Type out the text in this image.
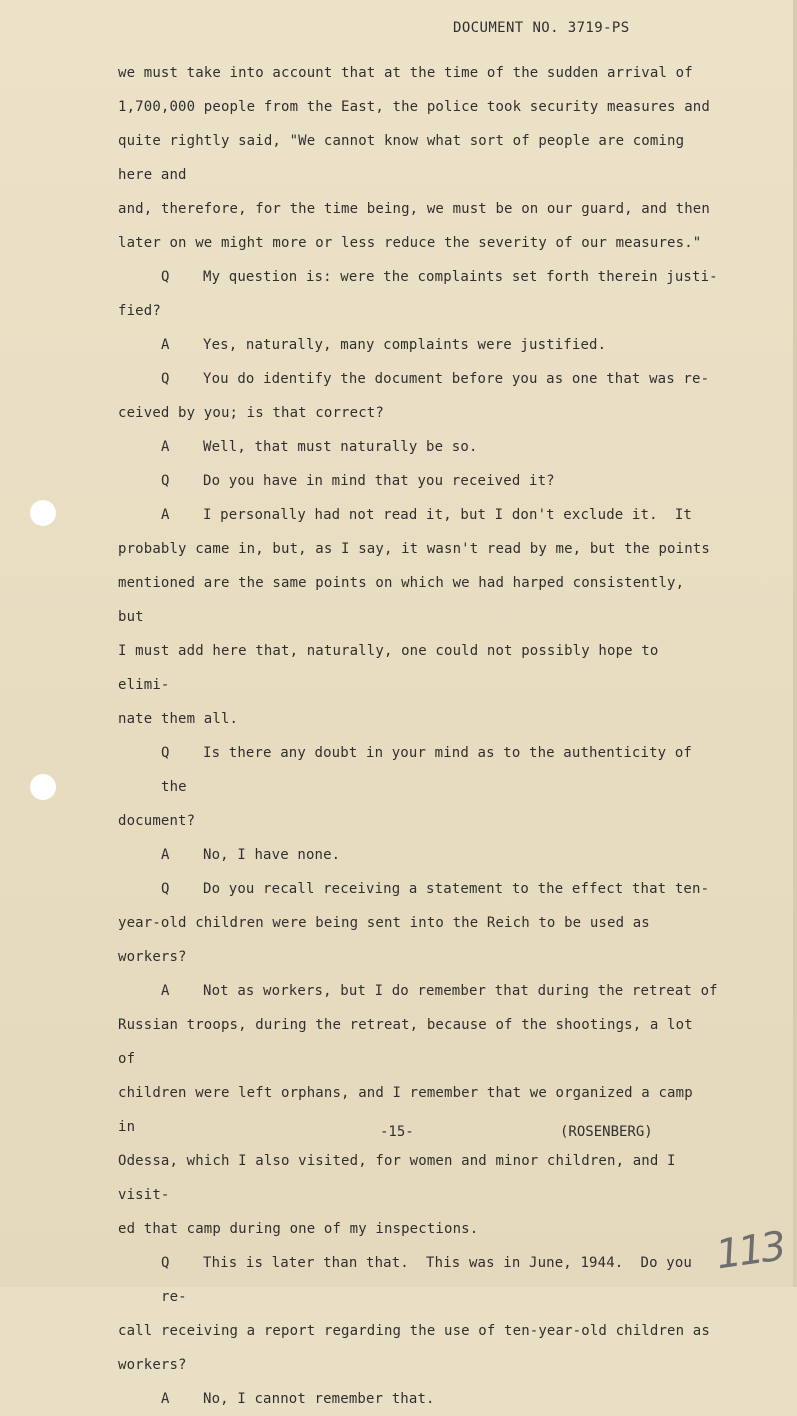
DOCUMENT NO. 3719-PS

we must take into account that at the time of the sudden arrival of

1,700,000 people from the East, the police took security measures and

quite rightly said, "We cannot know what sort of people are coming here and

and, therefore, for the time being, we must be on our guard, and then

later on we might more or less reduce the severity of our measures."

Q My question is: were the complaints set forth therein justi-

fied?

A Yes, naturally, many complaints were justified.

Q You do identify the document before you as one that was re-

ceived by you; is that correct?

A Well, that must naturally be so.

Q Do you have in mind that you received it?

A I personally had not read it, but I don't exclude it.  It

probably came in, but, as I say, it wasn't read by me, but the points

mentioned are the same points on which we had harped consistently, but

I must add here that, naturally, one could not possibly hope to elimi-

nate them all.

Q Is there any doubt in your mind as to the authenticity of the

document?

A No, I have none.

Q Do you recall receiving a statement to the effect that ten-

year-old children were being sent into the Reich to be used as workers?

A Not as workers, but I do remember that during the retreat of

Russian troops, during the retreat, because of the shootings, a lot of

children were left orphans, and I remember that we organized a camp in

Odessa, which I also visited, for women and minor children, and I visit-

ed that camp during one of my inspections.

Q This is later than that.  This was in June, 1944.  Do you re-

call receiving a report regarding the use of ten-year-old children as

workers?

A No, I cannot remember that.

-15-	(ROSENBERG)
113
